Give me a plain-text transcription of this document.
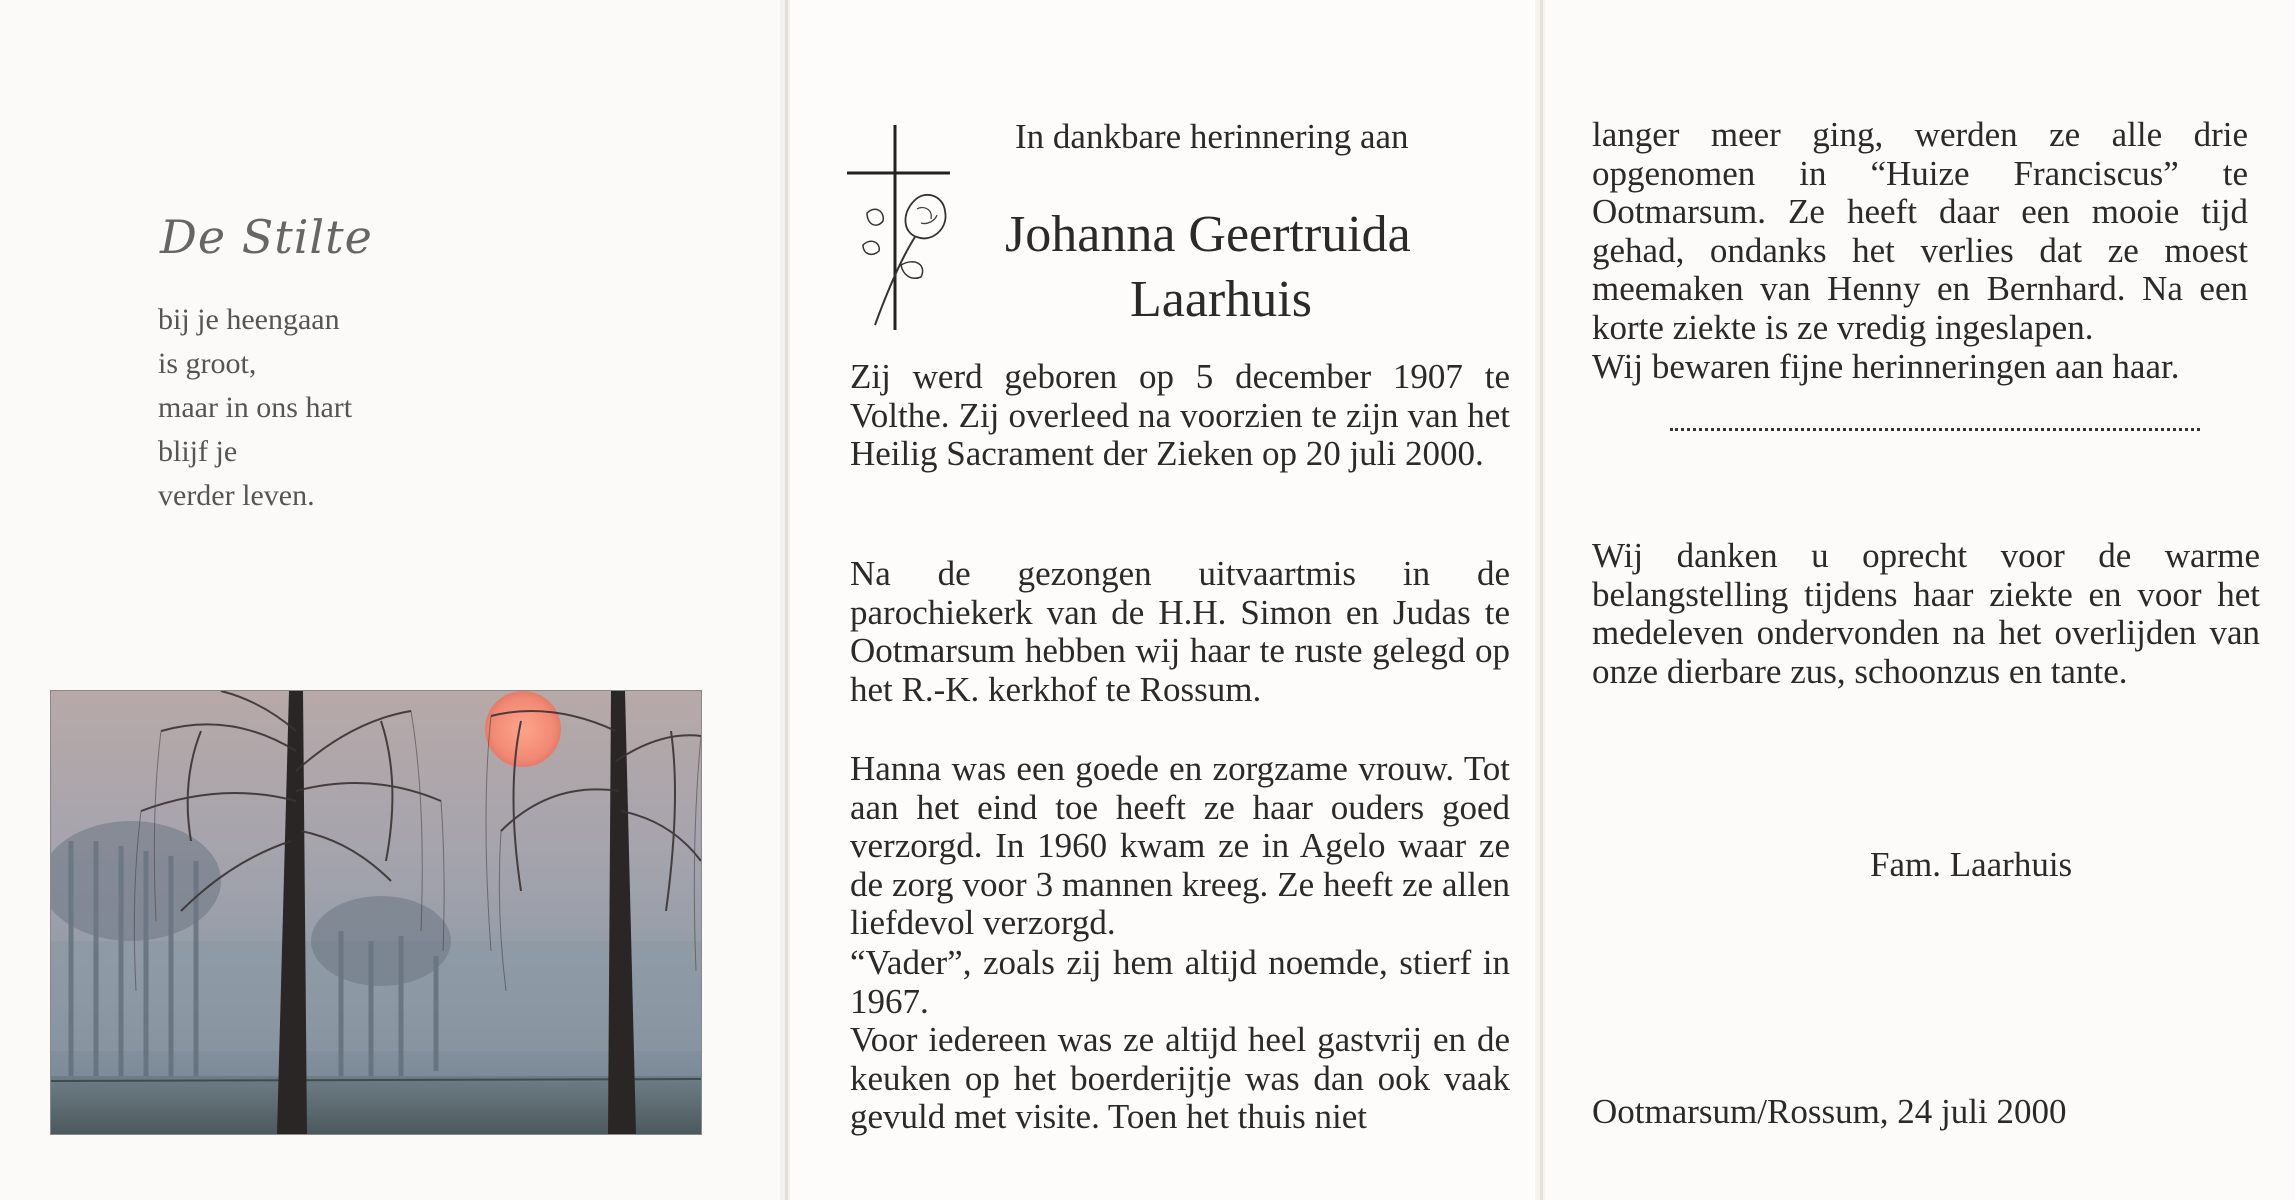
De Stilte
bij je heengaan
is groot,
maar in ons hart
blijf je
verder leven.
In dankbare herinnering aan
Johanna Geertruida
Laarhuis
Zij werd geboren op 5 december 1907 te Volthe. Zij overleed na voorzien te zijn van het Heilig Sacrament der Zieken op 20 juli 2000.
Na de gezongen uitvaartmis in de parochiekerk van de H.H. Simon en Judas te Ootmarsum hebben wij haar te ruste gelegd op het R.-K. kerkhof te Rossum.
Hanna was een goede en zorgzame vrouw. Tot aan het eind toe heeft ze haar ouders goed verzorgd. In 1960 kwam ze in Agelo waar ze de zorg voor 3 mannen kreeg. Ze heeft ze allen liefdevol verzorgd.
“Vader”, zoals zij hem altijd noemde, stierf in 1967.
Voor iedereen was ze altijd heel gastvrij en de keuken op het boerderijtje was dan ook vaak gevuld met visite. Toen het thuis niet
langer meer ging, werden ze alle drie opgenomen in “Huize Franciscus” te Ootmarsum. Ze heeft daar een mooie tijd gehad, ondanks het verlies dat ze moest meemaken van Henny en Bernhard. Na een korte ziekte is ze vredig ingeslapen.
Wij bewaren fijne herinneringen aan haar.
Wij danken u oprecht voor de warme belangstelling tijdens haar ziekte en voor het medeleven ondervonden na het overlijden van onze dierbare zus, schoonzus en tante.
Fam. Laarhuis
Ootmarsum/Rossum, 24 juli 2000
